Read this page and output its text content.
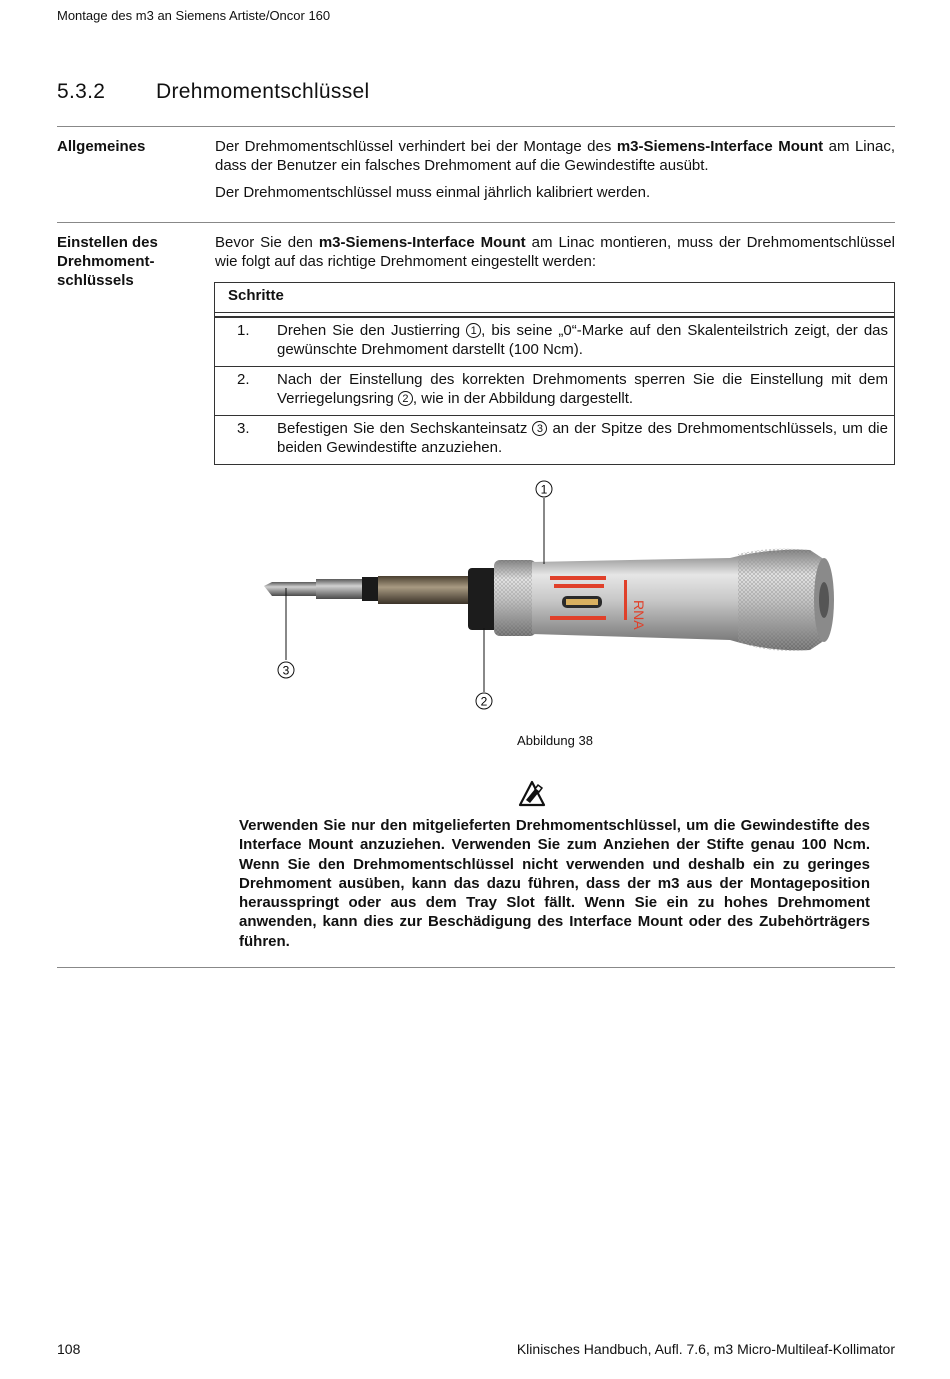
Montage des m3 an Siemens Artiste/Oncor 160
5.3.2 Drehmomentschlüssel
Allgemeines	Der Drehmomentschlüssel verhindert bei der Montage des m3-Siemens-Interface Mount am Linac, dass der Benutzer ein falsches Drehmoment auf die Gewindestifte ausübt.

Der Drehmomentschlüssel muss einmal jährlich kalibriert werden.

Einstellen des
Drehmoment-
schlüssels

Bevor Sie den m3-Siemens-Interface Mount am Linac montieren, muss der Drehmomentschlüssel wie folgt auf das richtige Drehmoment eingestellt werden:

Schritte
1. Drehen Sie den Justierring 1 , bis seine „0“-Marke auf den Skalenteilstrich zeigt, der das gewünschte Drehmoment darstellt (100 Ncm).
2. Nach der Einstellung des korrekten Drehmoments sperren Sie die Einstellung mit dem Verriegelungsring 2 , wie in der Abbildung dargestellt.
3. Befestigen Sie den Sechskanteinsatz 3 an der Spitze des Drehmomentschlüssels, um die beiden Gewindestifte anzuziehen.
RNA
1
2
3
Abbildung 38
Verwenden Sie nur den mitgelieferten Drehmomentschlüssel, um die Gewindestifte des Interface Mount anzuziehen. Verwenden Sie zum Anziehen der Stifte genau 100 Ncm. Wenn Sie den Drehmomentschlüssel nicht verwenden und deshalb ein zu geringes Drehmoment ausüben, kann das dazu führen, dass der m3 aus der Montageposition herausspringt oder aus dem Tray Slot fällt. Wenn Sie ein zu hohes Drehmoment anwenden, kann dies zur Beschädigung des Interface Mount oder des Zubehörträgers führen.
108	Klinisches Handbuch, Aufl. 7.6, m3 Micro-Multileaf-Kollimator
